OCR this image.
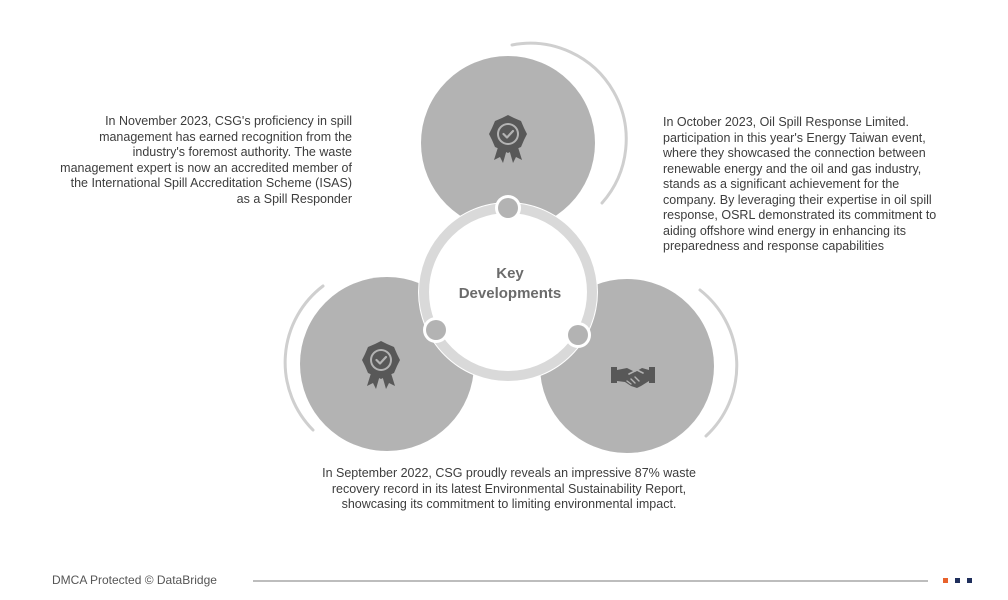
Key
Developments
In November 2023, CSG's proficiency in spill management has earned recognition from the industry's foremost authority. The waste management expert is now an accredited member of the International Spill Accreditation Scheme (ISAS) as a Spill Responder
In October 2023, Oil Spill Response Limited. participation in this year's Energy Taiwan event, where they showcased the connection between renewable energy and the oil and gas industry, stands as a significant achievement for the company. By leveraging their expertise in oil spill response, OSRL demonstrated its commitment to aiding offshore wind energy in enhancing its preparedness and response capabilities
In September 2022, CSG proudly reveals an impressive 87% waste recovery record in its latest Environmental Sustainability Report, showcasing its commitment to limiting environmental impact.
DMCA Protected © DataBridge
